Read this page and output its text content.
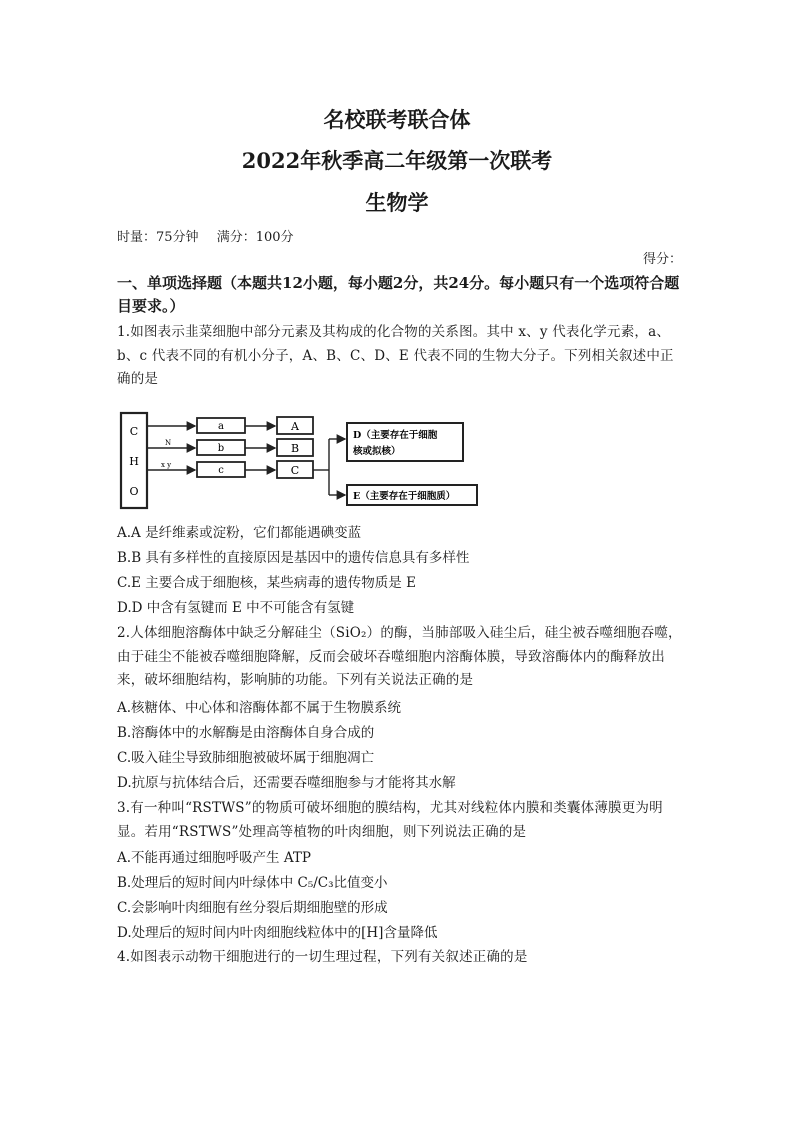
名校联考联合体
2022年秋季高二年级第一次联考
生物学
时量：75分钟 满分：100分
得分：
一、单项选择题（本题共12小题，每小题2分，共24分。每小题只有一个选项符合题目要求。）
1.如图表示韭菜细胞中部分元素及其构成的化合物的关系图。其中 x、y 代表化学元素，a、b、c 代表不同的有机小分子，A、B、C、D、E 代表不同的生物大分子。下列相关叙述中正确的是
C
H
O
N
x y
a
b
c
A
B
C
D（主要存在于细胞
核或拟核）
E（主要存在于细胞质）
A.A 是纤维素或淀粉，它们都能遇碘变蓝
B.B 具有多样性的直接原因是基因中的遗传信息具有多样性
C.E 主要合成于细胞核，某些病毒的遗传物质是 E
D.D 中含有氢键而 E 中不可能含有氢键
2.人体细胞溶酶体中缺乏分解硅尘（SiO₂）的酶，当肺部吸入硅尘后，硅尘被吞噬细胞吞噬，由于硅尘不能被吞噬细胞降解，反而会破坏吞噬细胞内溶酶体膜，导致溶酶体内的酶释放出来，破坏细胞结构，影响肺的功能。下列有关说法正确的是
A.核糖体、中心体和溶酶体都不属于生物膜系统
B.溶酶体中的水解酶是由溶酶体自身合成的
C.吸入硅尘导致肺细胞被破坏属于细胞凋亡
D.抗原与抗体结合后，还需要吞噬细胞参与才能将其水解
3.有一种叫“RSTWS”的物质可破坏细胞的膜结构，尤其对线粒体内膜和类囊体薄膜更为明显。若用“RSTWS”处理高等植物的叶肉细胞，则下列说法正确的是
A.不能再通过细胞呼吸产生 ATP
B.处理后的短时间内叶绿体中 C₅/C₃比值变小
C.会影响叶肉细胞有丝分裂后期细胞壁的形成
D.处理后的短时间内叶肉细胞线粒体中的[H]含量降低
4.如图表示动物干细胞进行的一切生理过程，下列有关叙述正确的是
